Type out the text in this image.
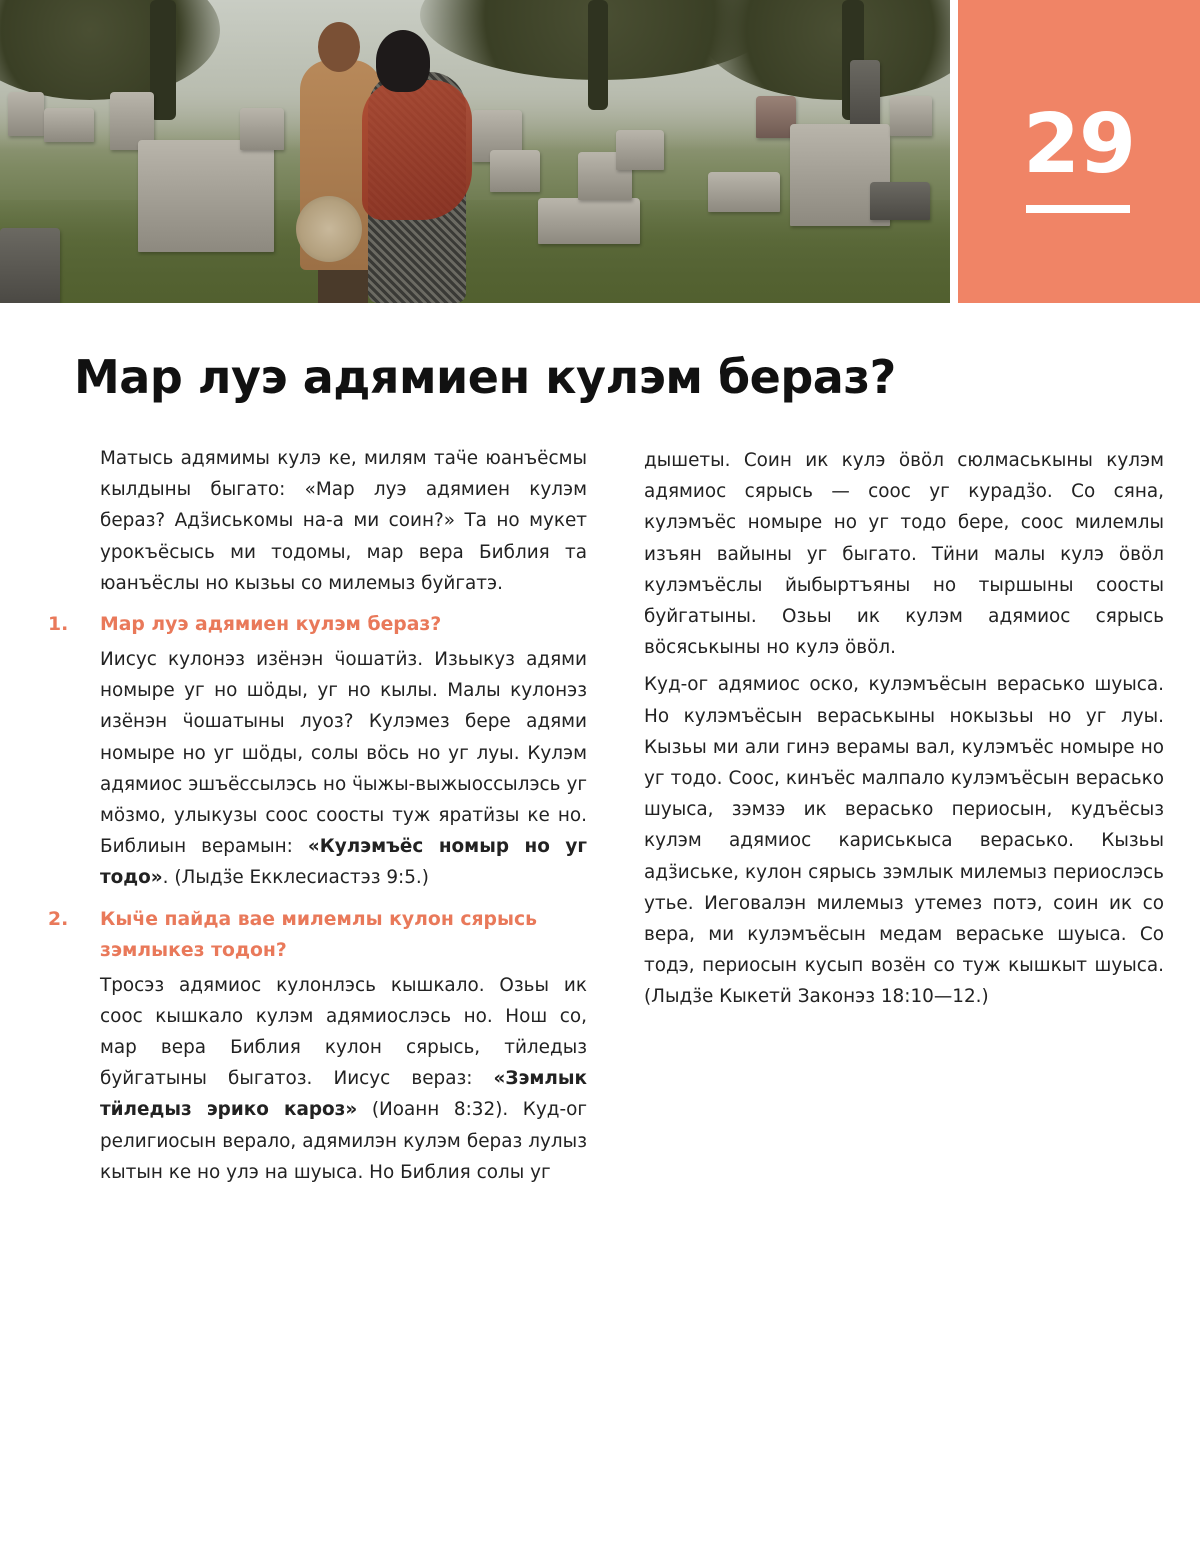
29
Мар луэ адямиен кулэм бераз?

Матысь адямимы кулэ ке, милям таӵе юанъёсмы кылдыны быгато: «Мар луэ адямиен кулэм бераз? Адӟиськомы на-а ми соин?» Та но мукет урокъёсысь ми тодомы, мар вера Библия та юанъёслы но кызьы со милемыз буйгатэ.

1. Мар луэ адямиен кулэм бераз?

Иисус кулонэз изёнэн ӵошатӥз. Изьыкуз адями номыре уг но шӧды, уг но кылы. Малы кулонэз изёнэн ӵошатыны луоз? Кулэмез бере адями номыре но уг шӧды, солы вӧсь но уг луы. Кулэм адямиос эшъёссылэсь но ӵыжы-выжыоссылэсь уг мӧзмо, улыкузы соос соосты туж яратӥзы ке но. Библиын верамын: «Кулэмъёс номыр но уг тодо». (Лыдӟе Екклесиастэз 9:5.)

2. Кыӵе пайда вае милемлы кулон сярысь зэмлыкез тодон?

Тросэз адямиос кулонлэсь кышкало. Озьы ик соос кышкало кулэм адямиослэсь но. Нош со, мар вера Библия кулон сярысь, тӥледыз буйгатыны быгатоз. Иисус вераз: «Зэмлык тӥледыз эрико кароз» (Иоанн 8:32). Куд-ог религиосын верало, адямилэн кулэм бераз лулыз кытын ке но улэ на шуыса. Но Библия солы уг

дышеты. Соин ик кулэ ӧвӧл сюлмаськыны кулэм адямиос сярысь — соос уг курадӟо. Со сяна, кулэмъёс номыре но уг тодо бере, соос милемлы изъян вайыны уг быгато. Тӥни малы кулэ ӧвӧл кулэмъёслы йыбыртъяны но тыршыны соосты буйгатыны. Озьы ик кулэм адямиос сярысь вӧсяськыны но кулэ ӧвӧл.

Куд-ог адямиос оско, кулэмъёсын верасько шуыса. Но кулэмъёсын вераськыны нокызьы но уг луы. Кызьы ми али гинэ верамы вал, кулэмъёс номыре но уг тодо. Соос, кинъёс малпало кулэмъёсын верасько шуыса, зэмзэ ик верасько периосын, кудъёсыз кулэм адямиос кариськыса верасько. Кызьы адӟиське, кулон сярысь зэмлык милемыз периослэсь утье. Иеговалэн милемыз утемез потэ, соин ик со вера, ми кулэмъёсын медам вераське шуыса. Со тодэ, периосын кусып возён со туж кышкыт шуыса. (Лыдӟе Кыкетӥ Законэз 18:10—12.)
